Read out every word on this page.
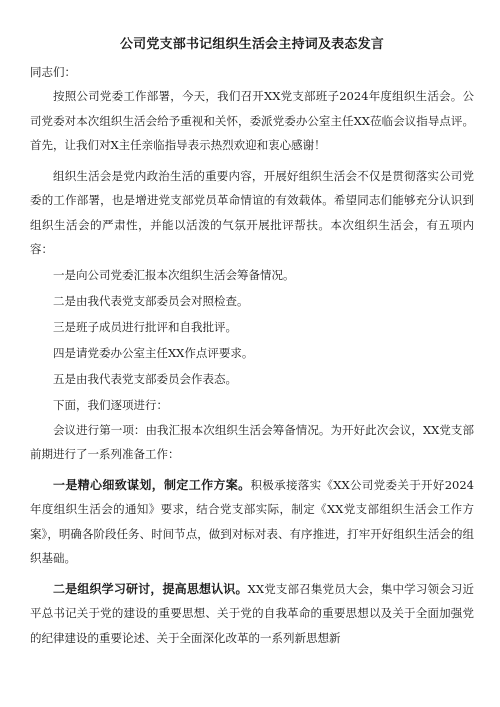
公司党支部书记组织生活会主持词及表态发言

同志们：

按照公司党委工作部署，今天，我们召开XX党支部班子2024年度组织生活会。公司党委对本次组织生活会给予重视和关怀，委派党委办公室主任XX莅临会议指导点评。首先，让我们对X主任亲临指导表示热烈欢迎和衷心感谢！

组织生活会是党内政治生活的重要内容，开展好组织生活会不仅是贯彻落实公司党委的工作部署，也是增进党支部党员革命情谊的有效载体。希望同志们能够充分认识到组织生活会的严肃性，并能以活泼的气氛开展批评帮扶。本次组织生活会，有五项内容：

一是向公司党委汇报本次组织生活会筹备情况。

二是由我代表党支部委员会对照检查。

三是班子成员进行批评和自我批评。

四是请党委办公室主任XX作点评要求。

五是由我代表党支部委员会作表态。

下面，我们逐项进行：

会议进行第一项：由我汇报本次组织生活会筹备情况。为开好此次会议，XX党支部前期进行了一系列准备工作：

一是精心细致谋划，制定工作方案。积极承接落实《XX公司党委关于开好2024年度组织生活会的通知》要求，结合党支部实际，制定《XX党支部组织生活会工作方案》，明确各阶段任务、时间节点，做到对标对表、有序推进，打牢开好组织生活会的组织基础。

二是组织学习研讨，提高思想认识。XX党支部召集党员大会，集中学习领会习近平总书记关于党的建设的重要思想、关于党的自我革命的重要思想以及关于全面加强党的纪律建设的重要论述、关于全面深化改革的一系列新思想新
